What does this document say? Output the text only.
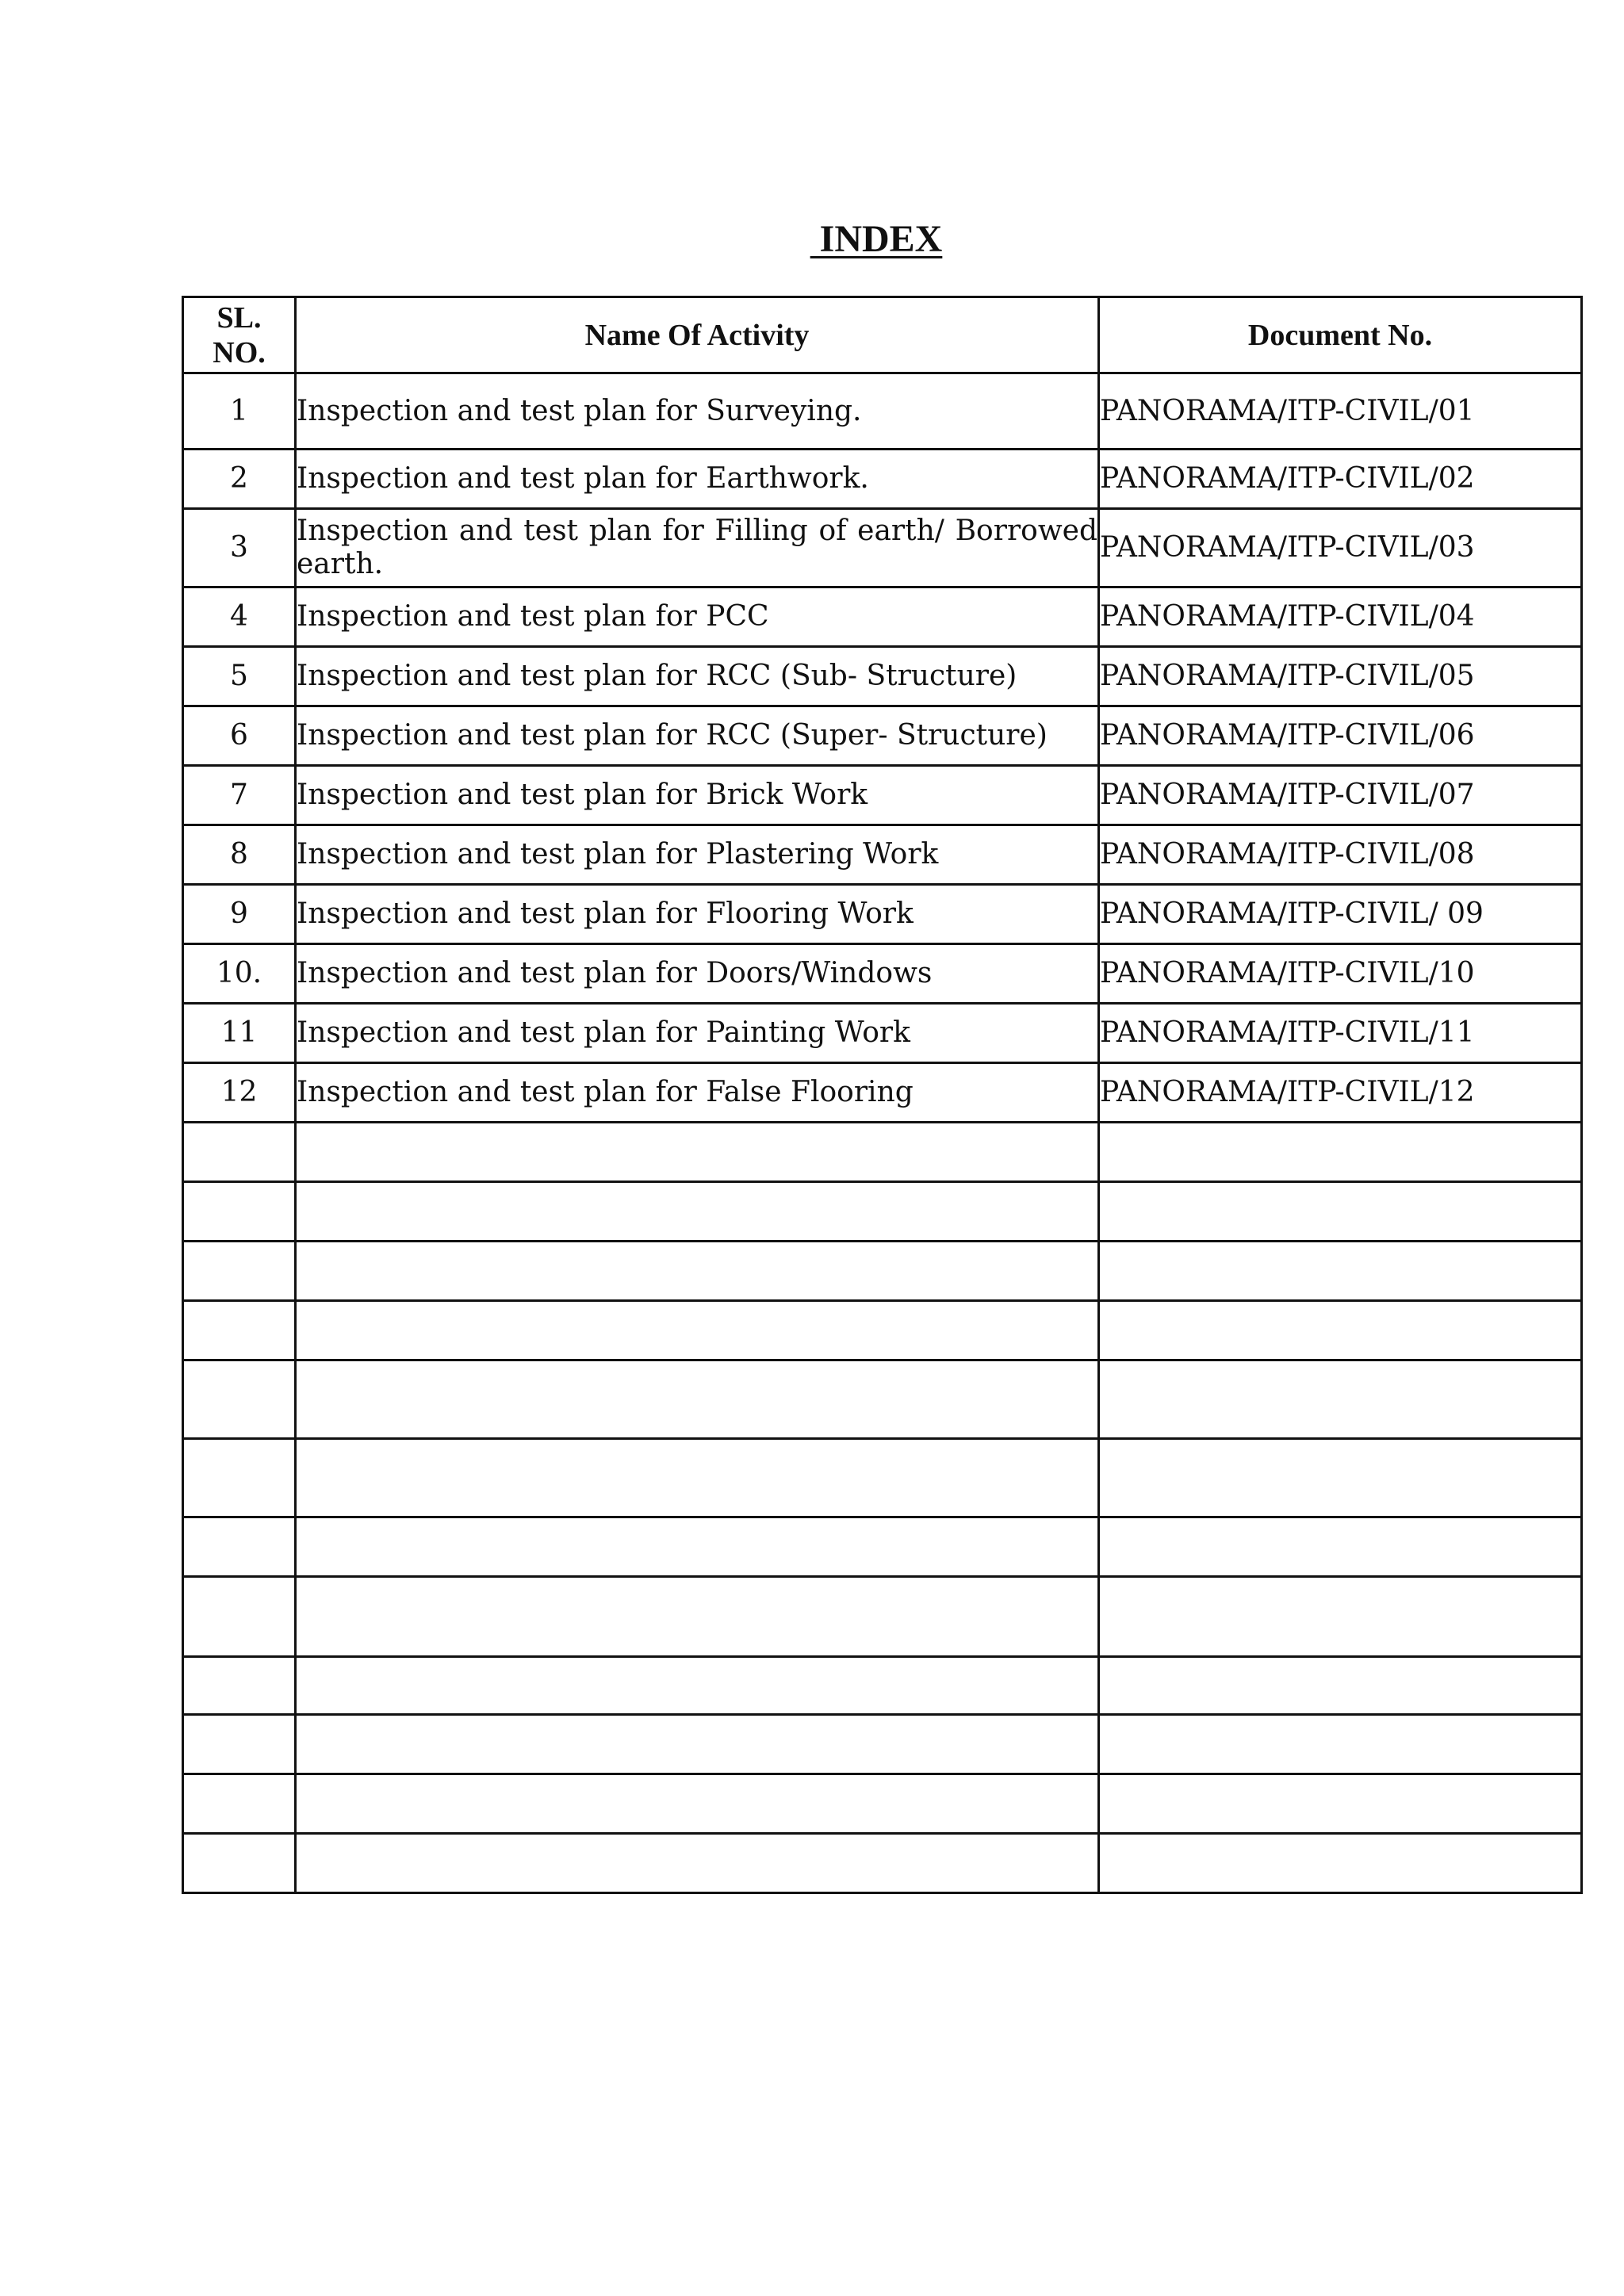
INDEX
SL.
NO.	Name Of Activity	Document No.
1	Inspection and test plan for Surveying.	PANORAMA/ITP-CIVIL/01
2	Inspection and test plan for Earthwork.	PANORAMA/ITP-CIVIL/02
3	Inspection and test plan for Filling of earth/ Borrowed earth.	PANORAMA/ITP-CIVIL/03
4	Inspection and test plan for PCC	PANORAMA/ITP-CIVIL/04
5	Inspection and test plan for RCC (Sub- Structure)	PANORAMA/ITP-CIVIL/05
6	Inspection and test plan for RCC (Super- Structure)	PANORAMA/ITP-CIVIL/06
7	Inspection and test plan for Brick Work	PANORAMA/ITP-CIVIL/07
8	Inspection and test plan for Plastering Work	PANORAMA/ITP-CIVIL/08
9	Inspection and test plan for Flooring Work	PANORAMA/ITP-CIVIL/ 09
10.	Inspection and test plan for Doors/Windows	PANORAMA/ITP-CIVIL/10
11	Inspection and test plan for Painting Work	PANORAMA/ITP-CIVIL/11
12	Inspection and test plan for False Flooring	PANORAMA/ITP-CIVIL/12
